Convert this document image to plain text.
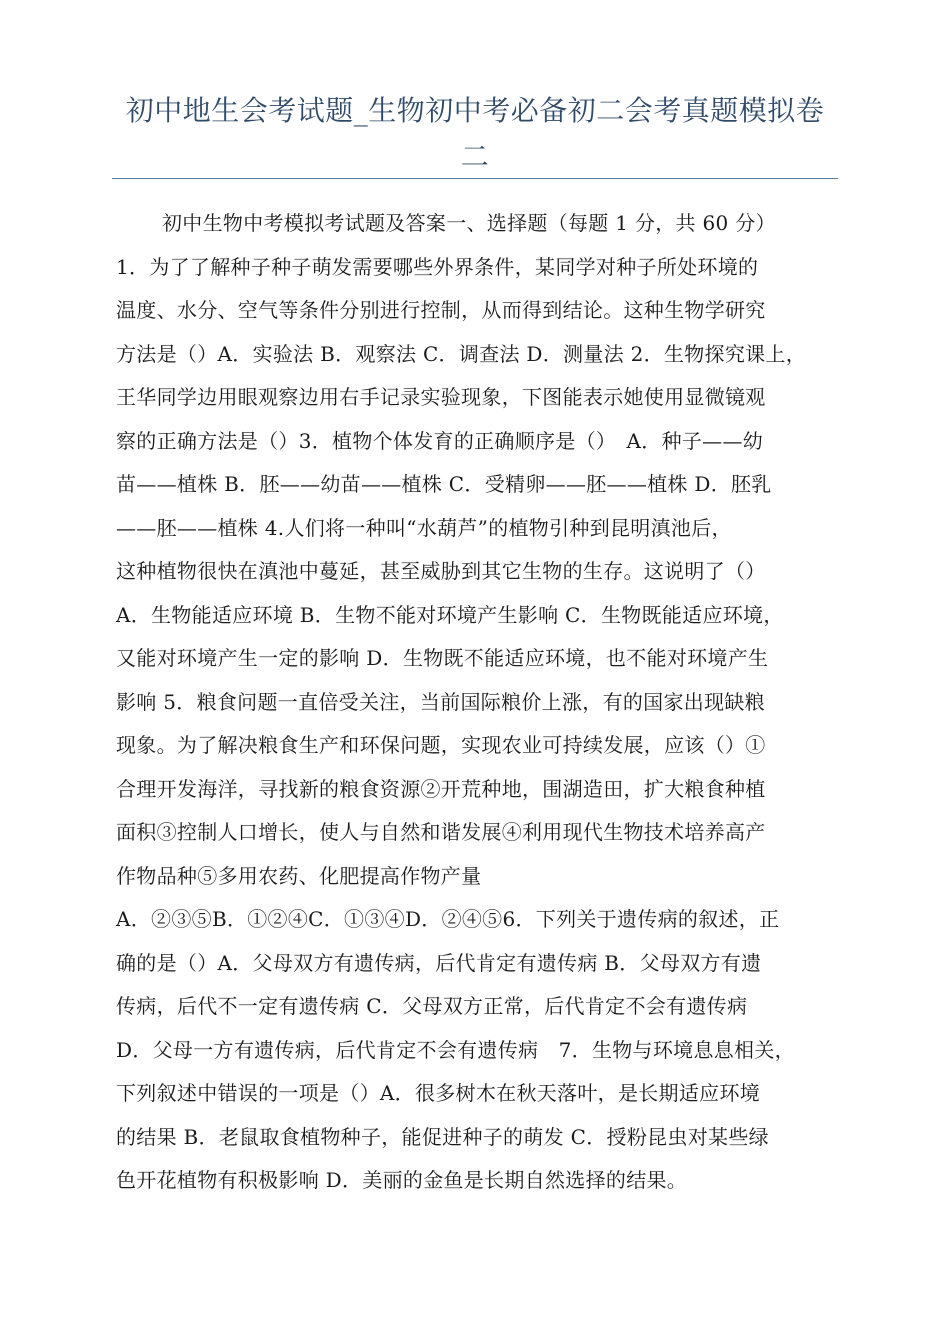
初中地生会考试题_生物初中考必备初二会考真题模拟卷
二
初中生物中考模拟考试题及答案一、选择题（每题 1 分，共 60 分）
1．为了了解种子种子萌发需要哪些外界条件，某同学对种子所处环境的
温度、水分、空气等条件分别进行控制，从而得到结论。这种生物学研究
方法是（）A．实验法 B．观察法 C．调查法 D．测量法 2．生物探究课上，
王华同学边用眼观察边用右手记录实验现象，下图能表示她使用显微镜观
察的正确方法是（）3．植物个体发育的正确顺序是（）　A．种子——幼
苗——植株 B．胚——幼苗——植株 C．受精卵——胚——植株 D．胚乳
——胚——植株 4.人们将一种叫“水葫芦”的植物引种到昆明滇池后，
这种植物很快在滇池中蔓延，甚至威胁到其它生物的生存。这说明了（）
A．生物能适应环境 B．生物不能对环境产生影响 C．生物既能适应环境，
又能对环境产生一定的影响 D．生物既不能适应环境，也不能对环境产生
影响 5．粮食问题一直倍受关注，当前国际粮价上涨，有的国家出现缺粮
现象。为了解决粮食生产和环保问题，实现农业可持续发展，应该（）①
合理开发海洋，寻找新的粮食资源②开荒种地，围湖造田，扩大粮食种植
面积③控制人口增长，使人与自然和谐发展④利用现代生物技术培养高产
作物品种⑤多用农药、化肥提高作物产量
A．②③⑤B．①②④C．①③④D．②④⑤6．下列关于遗传病的叙述，正
确的是（）A．父母双方有遗传病，后代肯定有遗传病 B．父母双方有遗
传病，后代不一定有遗传病 C．父母双方正常，后代肯定不会有遗传病
D．父母一方有遗传病，后代肯定不会有遗传病　7．生物与环境息息相关，
下列叙述中错误的一项是（）A．很多树木在秋天落叶，是长期适应环境
的结果 B．老鼠取食植物种子，能促进种子的萌发 C．授粉昆虫对某些绿
色开花植物有积极影响 D．美丽的金鱼是长期自然选择的结果。
